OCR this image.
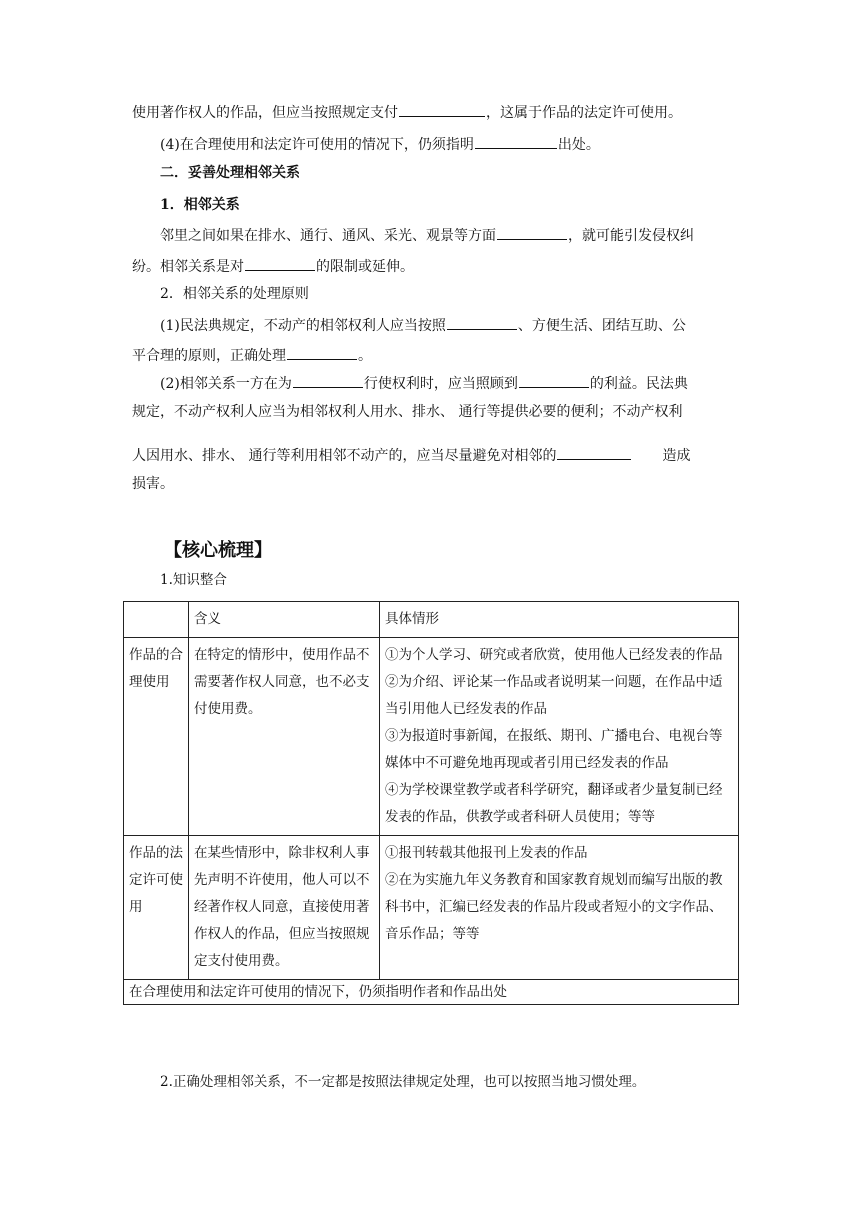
使用著作权人的作品，但应当按照规定支付	，这属于作品的法定许可使用。
(4)在合理使用和法定许可使用的情况下，仍须指明	出处。
二．妥善处理相邻关系
1．相邻关系
邻里之间如果在排水、通行、通风、采光、观景等方面	，就可能引发侵权纠
纷。相邻关系是对	的限制或延伸。
2．相邻关系的处理原则
(1)民法典规定，不动产的相邻权利人应当按照	、方便生活、团结互助、公
平合理的原则，正确处理	。
(2)相邻关系一方在为	行使权利时，应当照顾到	的利益。民法典
规定，不动产权利人应当为相邻权利人用水、排水、 通行等提供必要的便利；不动产权利
人因用水、排水、 通行等利用相邻不动产的，应当尽量避免对相邻的	造成
损害。
【核心梳理】
1.知识整合
	含义	具体情形
作品的合理使用	在特定的情形中，使用作品不需要著作权人同意，也不必支付使用费。	①为个人学习、研究或者欣赏，使用他人已经发表的作品
②为介绍、评论某一作品或者说明某一问题，在作品中适当引用他人已经发表的作品
③为报道时事新闻，在报纸、期刊、广播电台、电视台等媒体中不可避免地再现或者引用已经发表的作品
④为学校课堂教学或者科学研究，翻译或者少量复制已经发表的作品，供教学或者科研人员使用；等等

作品的法定许可使用	在某些情形中，除非权利人事先声明不许使用，他人可以不经著作权人同意，直接使用著作权人的作品，但应当按照规定支付使用费。	①报刊转载其他报刊上发表的作品
②在为实施九年义务教育和国家教育规划而编写出版的教科书中，汇编已经发表的作品片段或者短小的文字作品、音乐作品；等等

在合理使用和法定许可使用的情况下，仍须指明作者和作品出处		
2.正确处理相邻关系，不一定都是按照法律规定处理，也可以按照当地习惯处理。
